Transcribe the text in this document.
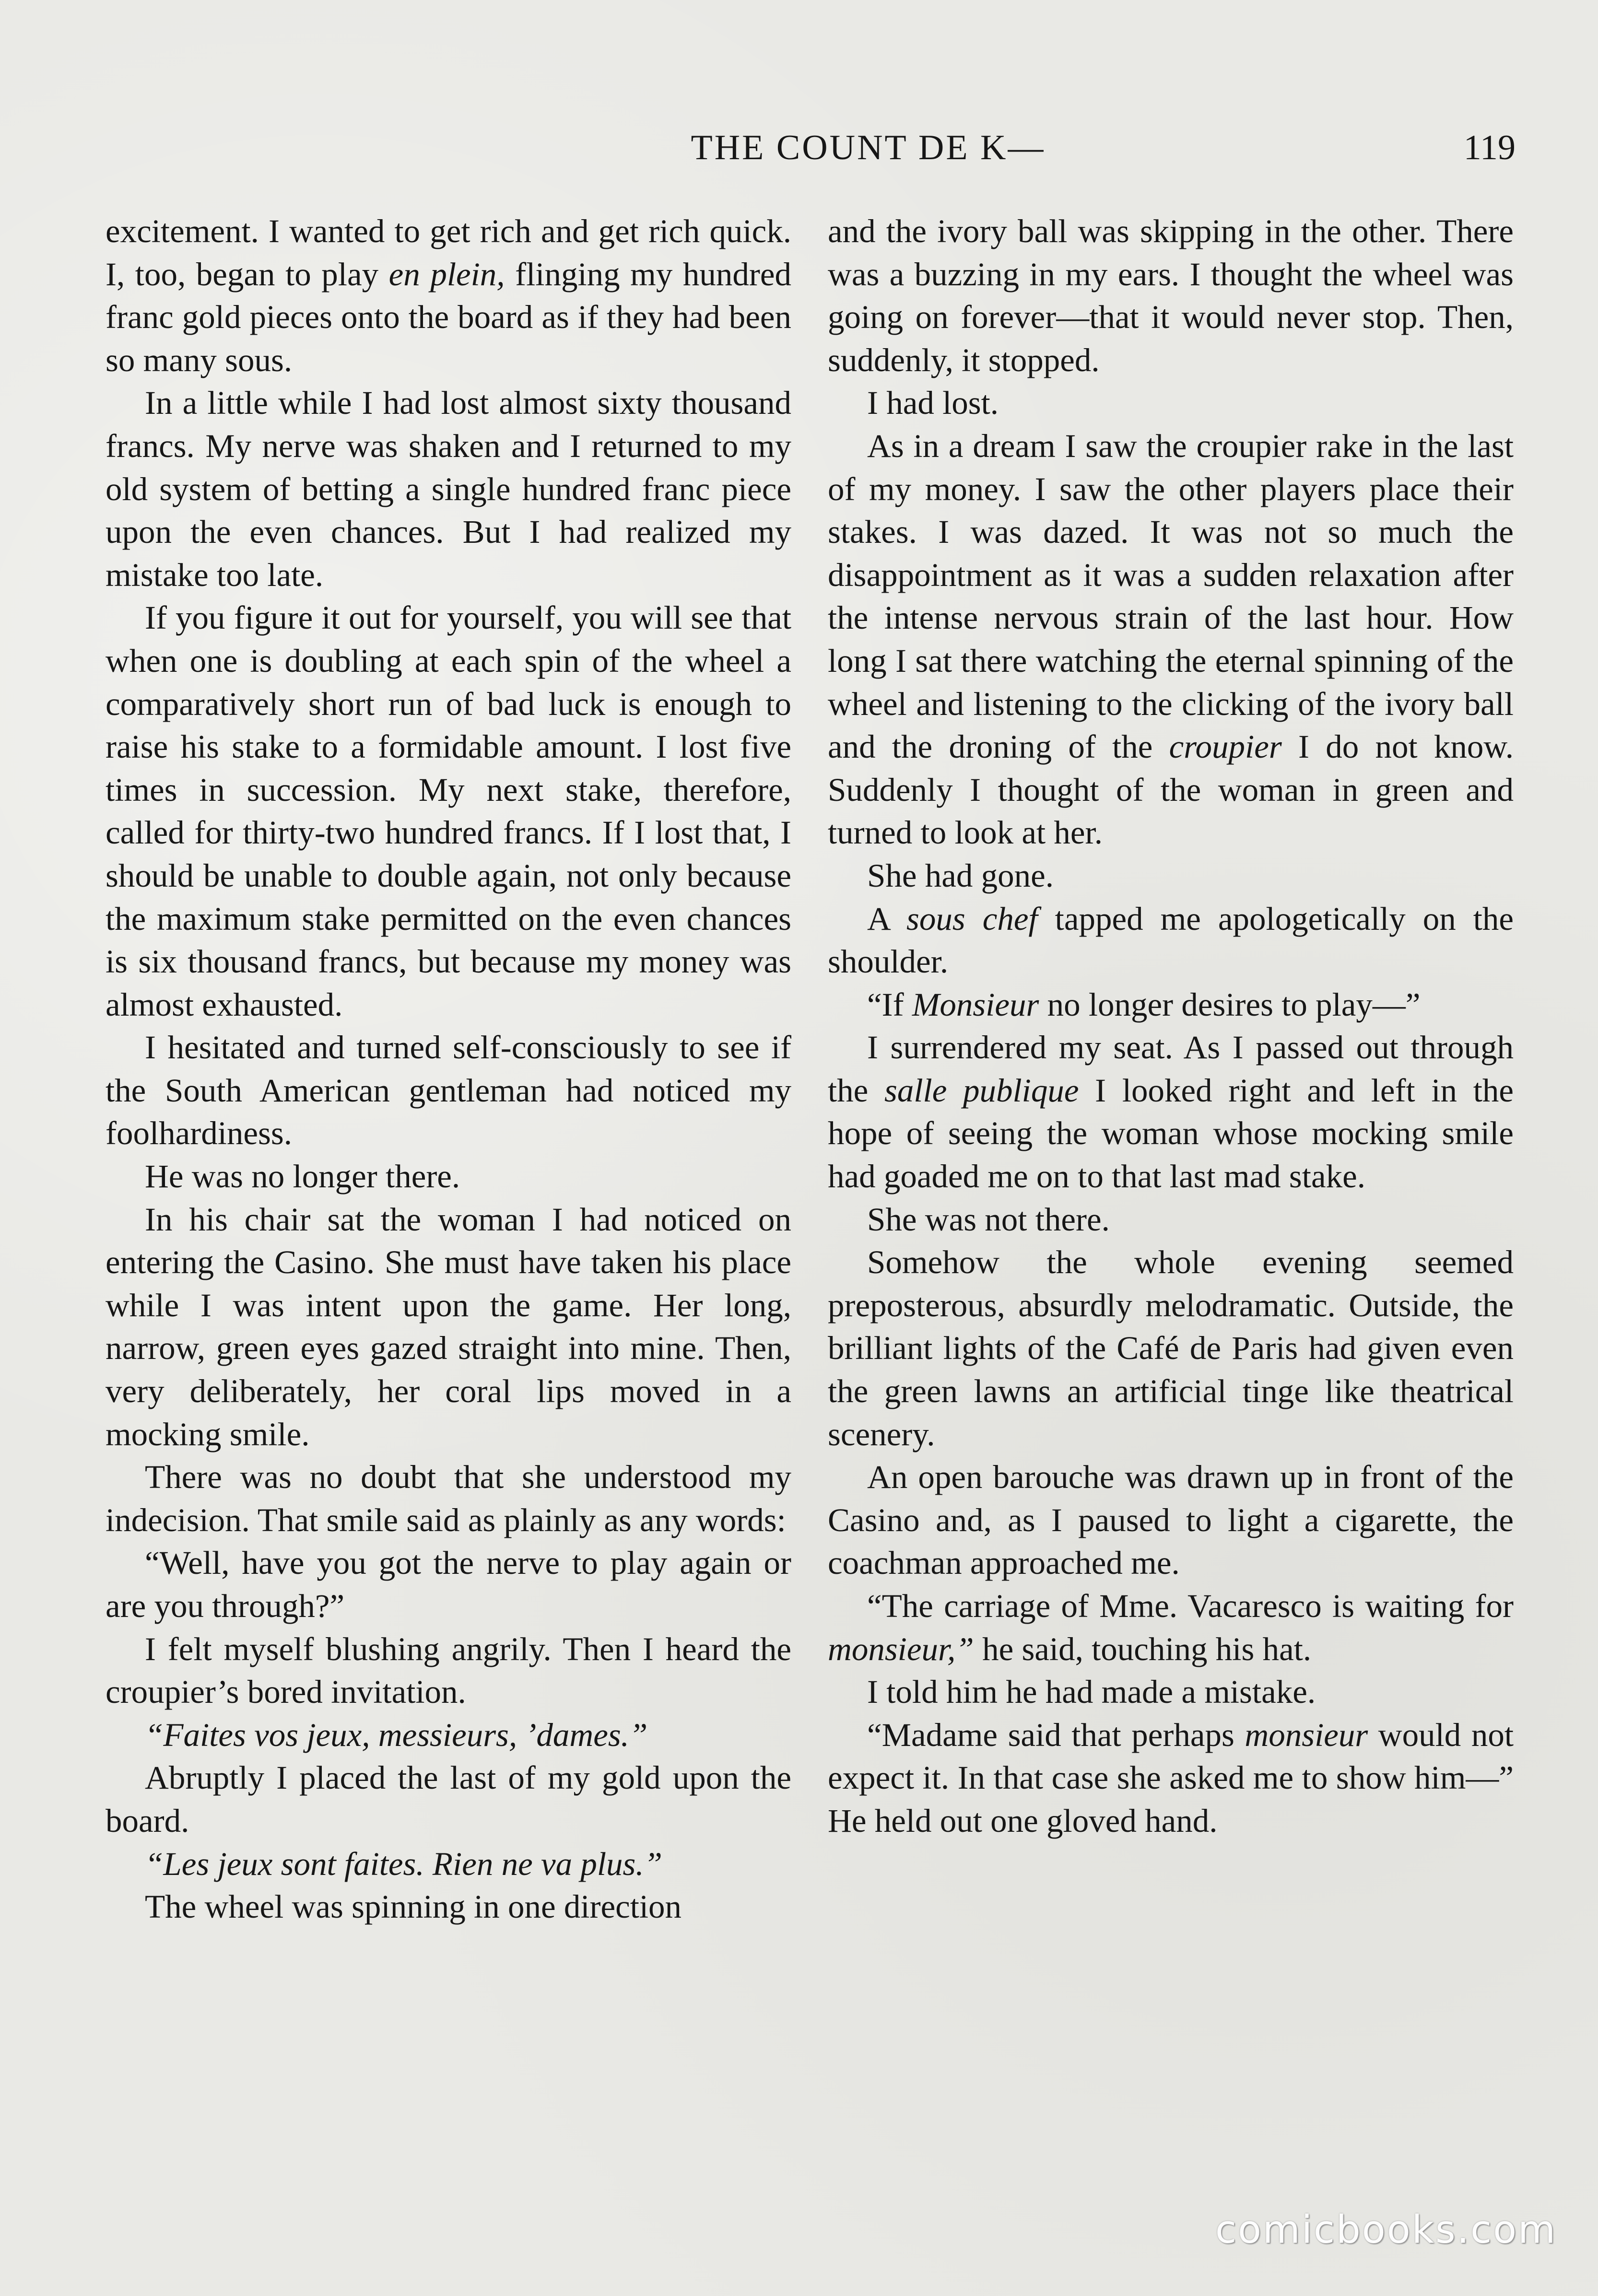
THE COUNT DE K—	119

excitement. I wanted to get rich and get rich quick. I, too, began to play en plein, flinging my hundred franc gold pieces onto the board as if they had been so many sous.

In a little while I had lost almost sixty thousand francs. My nerve was shaken and I returned to my old system of betting a single hundred franc piece upon the even chances. But I had realized my mistake too late.

If you figure it out for yourself, you will see that when one is doubling at each spin of the wheel a comparatively short run of bad luck is enough to raise his stake to a formidable amount. I lost five times in succession. My next stake, therefore, called for thirty-two hundred francs. If I lost that, I should be unable to double again, not only because the maximum stake permitted on the even chances is six thousand francs, but because my money was almost exhausted.

I hesitated and turned self-consciously to see if the South American gentleman had noticed my foolhardiness.

He was no longer there.

In his chair sat the woman I had noticed on entering the Casino. She must have taken his place while I was intent upon the game. Her long, narrow, green eyes gazed straight into mine. Then, very deliberately, her coral lips moved in a mocking smile.

There was no doubt that she understood my indecision. That smile said as plainly as any words:

“Well, have you got the nerve to play again or are you through?”

I felt myself blushing angrily. Then I heard the croupier’s bored invitation.

“Faites vos jeux, messieurs, ’dames.”

Abruptly I placed the last of my gold upon the board.

“Les jeux sont faites. Rien ne va plus.”

The wheel was spinning in one direction

and the ivory ball was skipping in the other. There was a buzzing in my ears. I thought the wheel was going on forever—that it would never stop. Then, suddenly, it stopped.

I had lost.

As in a dream I saw the croupier rake in the last of my money. I saw the other players place their stakes. I was dazed. It was not so much the disappointment as it was a sudden relaxation after the intense nervous strain of the last hour. How long I sat there watching the eternal spinning of the wheel and listening to the clicking of the ivory ball and the droning of the croupier I do not know. Suddenly I thought of the woman in green and turned to look at her.

She had gone.

A sous chef tapped me apologetically on the shoulder.

“If Monsieur no longer desires to play—”

I surrendered my seat. As I passed out through the salle publique I looked right and left in the hope of seeing the woman whose mocking smile had goaded me on to that last mad stake.

She was not there.

Somehow the whole evening seemed preposterous, absurdly melodramatic. Outside, the brilliant lights of the Café de Paris had given even the green lawns an artificial tinge like theatrical scenery.

An open barouche was drawn up in front of the Casino and, as I paused to light a cigarette, the coachman approached me.

“The carriage of Mme. Vacaresco is waiting for monsieur,” he said, touching his hat.

I told him he had made a mistake.

“Madame said that perhaps monsieur would not expect it. In that case she asked me to show him—” He held out one gloved hand.

comicbooks.com
